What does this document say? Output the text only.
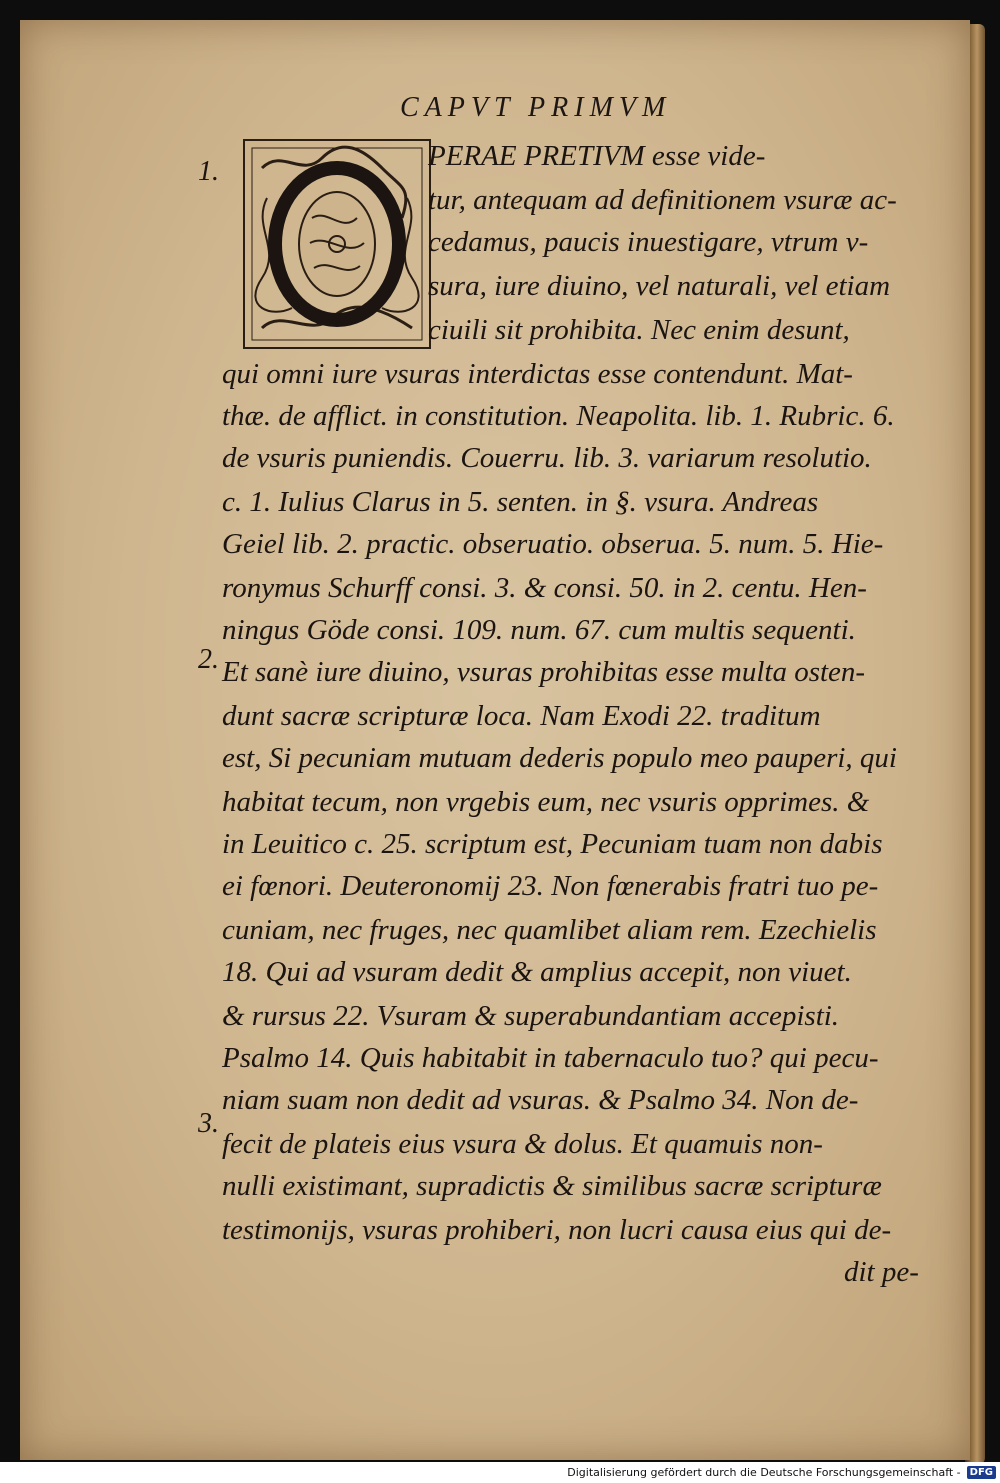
CAPVT PRIMVM
1.
2.
3.
PERAE PRETIVM esse vide-
tur, antequam ad definitionem vsuræ ac-
cedamus, paucis inuestigare, vtrum v-
sura, iure diuino, vel naturali, vel etiam
ciuili sit prohibita. Nec enim desunt,
qui omni iure vsuras interdictas esse contendunt. Mat-
thæ. de afflict. in constitution. Neapolita. lib. 1. Rubric. 6.
de vsuris puniendis. Couerru. lib. 3. variarum resolutio.
c. 1. Iulius Clarus in 5. senten. in §. vsura. Andreas
Geiel lib. 2. practic. obseruatio. obserua. 5. num. 5. Hie-
ronymus Schurff consi. 3. & consi. 50. in 2. centu. Hen-
ningus Göde consi. 109. num. 67. cum multis sequenti.
Et sanè iure diuino, vsuras prohibitas esse multa osten-
dunt sacræ scripturæ loca. Nam Exodi 22. traditum
est, Si pecuniam mutuam dederis populo meo pauperi, qui
habitat tecum, non vrgebis eum, nec vsuris opprimes. &
in Leuitico c. 25. scriptum est, Pecuniam tuam non dabis
ei fœnori. Deuteronomij 23. Non fœnerabis fratri tuo pe-
cuniam, nec fruges, nec quamlibet aliam rem. Ezechielis
18. Qui ad vsuram dedit & amplius accepit, non viuet.
& rursus 22. Vsuram & superabundantiam accepisti.
Psalmo 14. Quis habitabit in tabernaculo tuo? qui pecu-
niam suam non dedit ad vsuras. & Psalmo 34. Non de-
fecit de plateis eius vsura & dolus. Et quamuis non-
nulli existimant, supradictis & similibus sacræ scripturæ
testimonijs, vsuras prohiberi, non lucri causa eius qui de-
dit pe-
Digitalisierung gefördert durch die Deutsche Forschungsgemeinschaft - DFG
